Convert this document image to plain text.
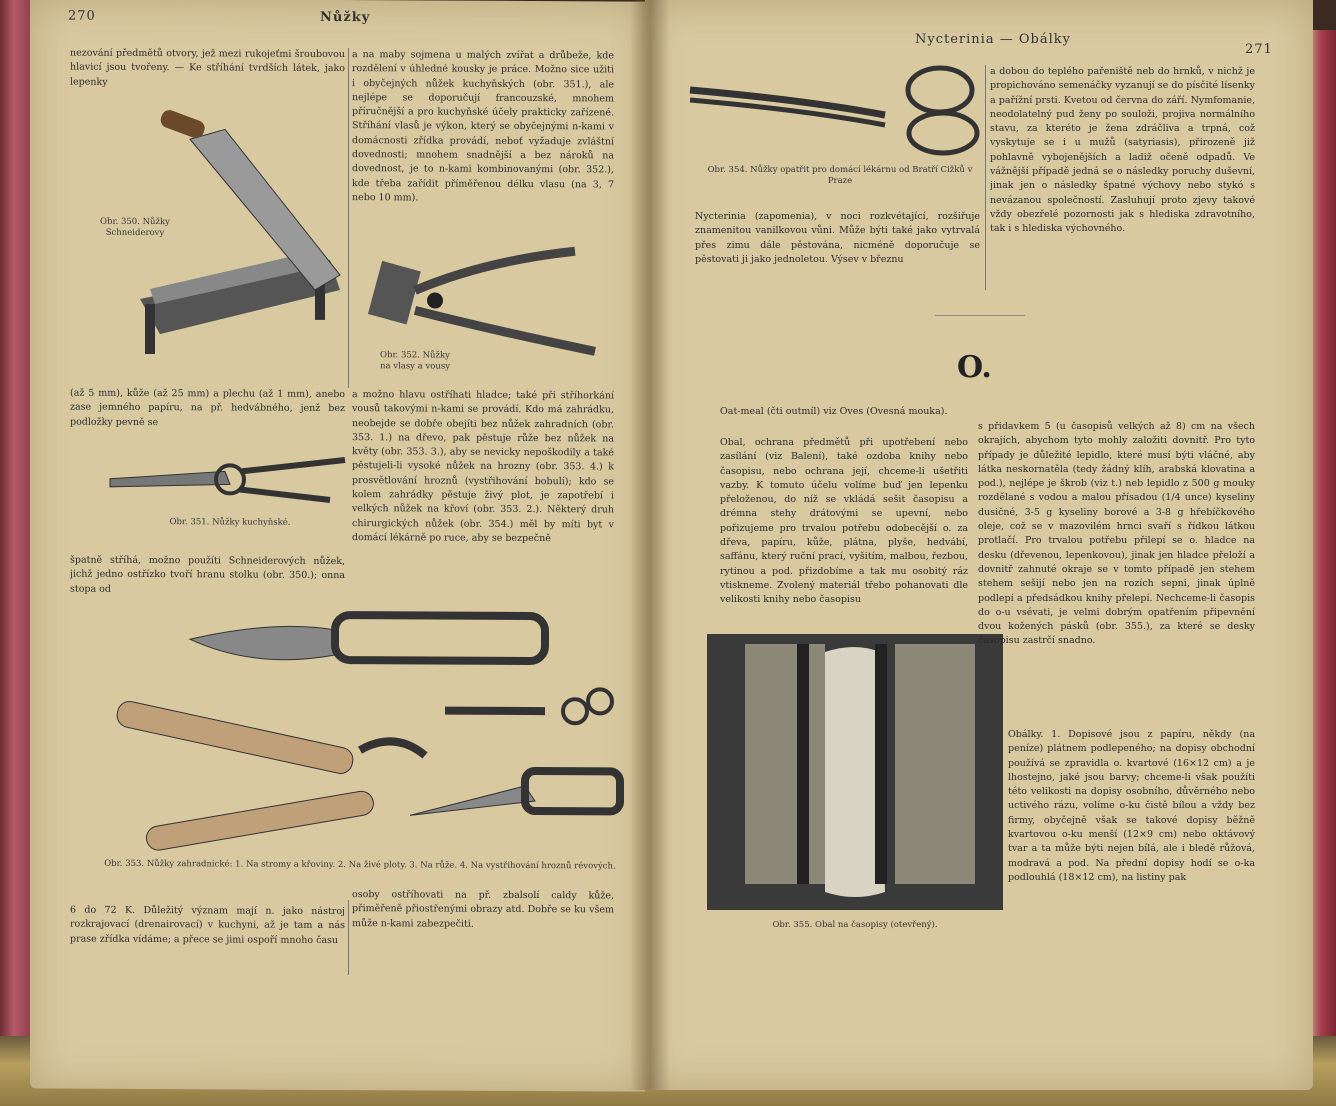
270	Nůžky
nezování předmětů otvory, jež mezi rukojeťmi šroubovou hlavicí jsou tvořeny. — Ke stříhání tvrdších látek, jako lepenky
Obr. 350. Nůžky Schneiderovy
a na maby sojmena u malých zvířat a drůbeže, kde rozdělení v úhledné kousky je práce. Možno sice užiti i obyčejných nůžek kuchyňských (obr. 351.), ale nejlépe se doporučují francouzské, mnohem příručnější a pro kuchyňské účely prakticky zařízené. Stříhání vlasů je výkon, který se obyčejnými n-kami v domácnosti zřídka provádí, neboť vyžaduje zvláštní dovednosti; mnohem snadnější a bez nároků na dovednost, je to n-kami kombinovanými (obr. 352.), kde třeba zařídit příměřenou délku vlasu (na 3, 7 nebo 10 mm).
Obr. 352. Nůžky na vlasy a vousy
(až 5 mm), kůže (až 25 mm) a plechu (až 1 mm), anebo zase jemného papíru, na př. hedvábného, jenž bez podložky pevně se
a možno hlavu ostříhati hladce; také při stříhorkání vousů takovými n-kami se provádí. Kdo má zahrádku, neobejde se dobře obejíti bez nůžek zahradních (obr. 353. 1.) na dřevo, pak pěstuje růže bez nůžek na květy (obr. 353. 3.), aby se nevicky nepoškodily a také pěstujeli-li vysoké nůžek na hrozny (obr. 353. 4.) k prosvětlování hroznů (vystřihování bobulí); kdo se kolem zahrádky pěstuje živý plot, je zapotřebí i velkých nůžek na křoví (obr. 353. 2.). Některý druh chirurgických nůžek (obr. 354.) měl by míti byt v domácí lékárně po ruce, aby se bezpečně
Obr. 351. Nůžky kuchyňské.
špatně stříhá, možno použíti Schneiderových nůžek, jichž jedno ostřízko tvoří hranu stolku (obr. 350.); onna stopa od
Obr. 353. Nůžky zahradnické: 1. Na stromy a křoviny. 2. Na živé ploty. 3. Na růže. 4. Na vystřihování hroznů révových.
6 do 72 K. Důležitý význam mají n. jako nástroj rozkrajovací (drenairovací) v kuchyni, až je tam a nás prase zřídka vídáme; a přece se jimi ospoří mnoho času
osoby ostříhovati na př. zbalsolí caldy kůže, přiměřeně přiostřenými obrazy atd. Dobře se ku všem může n-kami zabezpečiti.
Nycterinia — Obálky
271
Obr. 354. Nůžky opatřit pro domácí lékárnu od Bratří Cižků v Praze
Nycterinia (zapomenia), v noci rozkvétající, rozšiřuje znamenitou vanilkovou vůni. Může býti také jako vytrvalá přes zimu dále pěstována, nicméně doporučuje se pěstovati ji jako jednoletou. Výsev v březnu
a dobou do teplého pařeniště neb do hrnků, v nichž je propichováno semenáčky vyzanují se do písčité lísenky a pařížní prsti. Kvetou od června do září. Nymfomanie, neodolatelný pud ženy po souloži, projiva normálního stavu, za kteréto je žena zdráčliva a trpná, což vyskytuje se i u mužů (satyriasis), přirozeně již pohlavně vybojenějších a ladiž očeně odpadů. Ve vážnější případě jedná se o následky poruchy duševní, jinak jen o následky špatné výchovy nebo stykó s nevázanou společností. Zasluhují proto zjevy takové vždy obezřelé pozornosti jak s hlediska zdravotního, tak i s hlediska výchovného.
O.
Oat-meal (čti outmíl) viz Oves (Ovesná mouka).
Obal, ochrana předmětů při upotřebení nebo zasílání (viz Balení), také ozdoba knihy nebo časopisu, nebo ochrana její, chceme-li ušetřiti vazby. K tomuto účelu volíme buď jen lepenku přeloženou, do níž se vkládá sešit časopisu a drémna stehy drátovými se upevní, nebo pořizujeme pro trvalou potřebu odobecější o. za dřeva, papíru, kůže, plátna, plyše, hedvábí, saffánu, který ruční prací, vyšitím, malbou, řezbou, rytinou a pod. přizdobíme a tak mu osobitý ráz vtiskneme. Zvolený materiál třebo pohanovati dle velikosti knihy nebo časopisu
Obr. 355. Obal na časopisy (otevřený).
s přidavkem 5 (u časopisů velkých až 8) cm na všech okrajích, abychom tyto mohly založiti dovnitř. Pro tyto případy je důležité lepidlo, které musí býti vláčné, aby látka neskornatěla (tedy žádný klíh, arabská klovatina a pod.), nejlépe je škrob (viz t.) neb lepidlo z 500 g mouky rozdělané s vodou a malou přísadou (1/4 unce) kyseliny dusičné, 3-5 g kyseliny borové a 3-8 g hřebíčkového oleje, což se v mazovilém hrnci svaří s řídkou látkou protlačí. Pro trvalou potřebu přilepí se o. hladce na desku (dřevenou, lepenkovou), jinak jen hladce přeloží a dovnitř zahnuté okraje se v tomto případě jen stehem stehem sešijí nebo jen na rozích sepni, jinak úplně podlepí a předsádkou knihy přelepí. Nechceme-li časopis do o-u vsévati, je velmi dobrým opatřením připevnění dvou kožených pásků (obr. 355.), za které se desky časopisu zastrčí snadno.
Obálky. 1. Dopisové jsou z papíru, někdy (na peníze) plátnem podlepeného; na dopisy obchodní používá se zpravidla o. kvartové (16×12 cm) a je lhostejno, jaké jsou barvy; chceme-li však použíti této velikosti na dopisy osobního, důvěrného nebo uctivého rázu, volíme o-ku čistě bílou a vždy bez firmy, obyčejně však se takové dopisy běžně kvartovou o-ku menší (12×9 cm) nebo oktávový tvar a ta může býti nejen bílá, ale i bledě růžová, modravá a pod. Na přední dopisy hodí se o-ka podlouhlá (18×12 cm), na listiny pak
